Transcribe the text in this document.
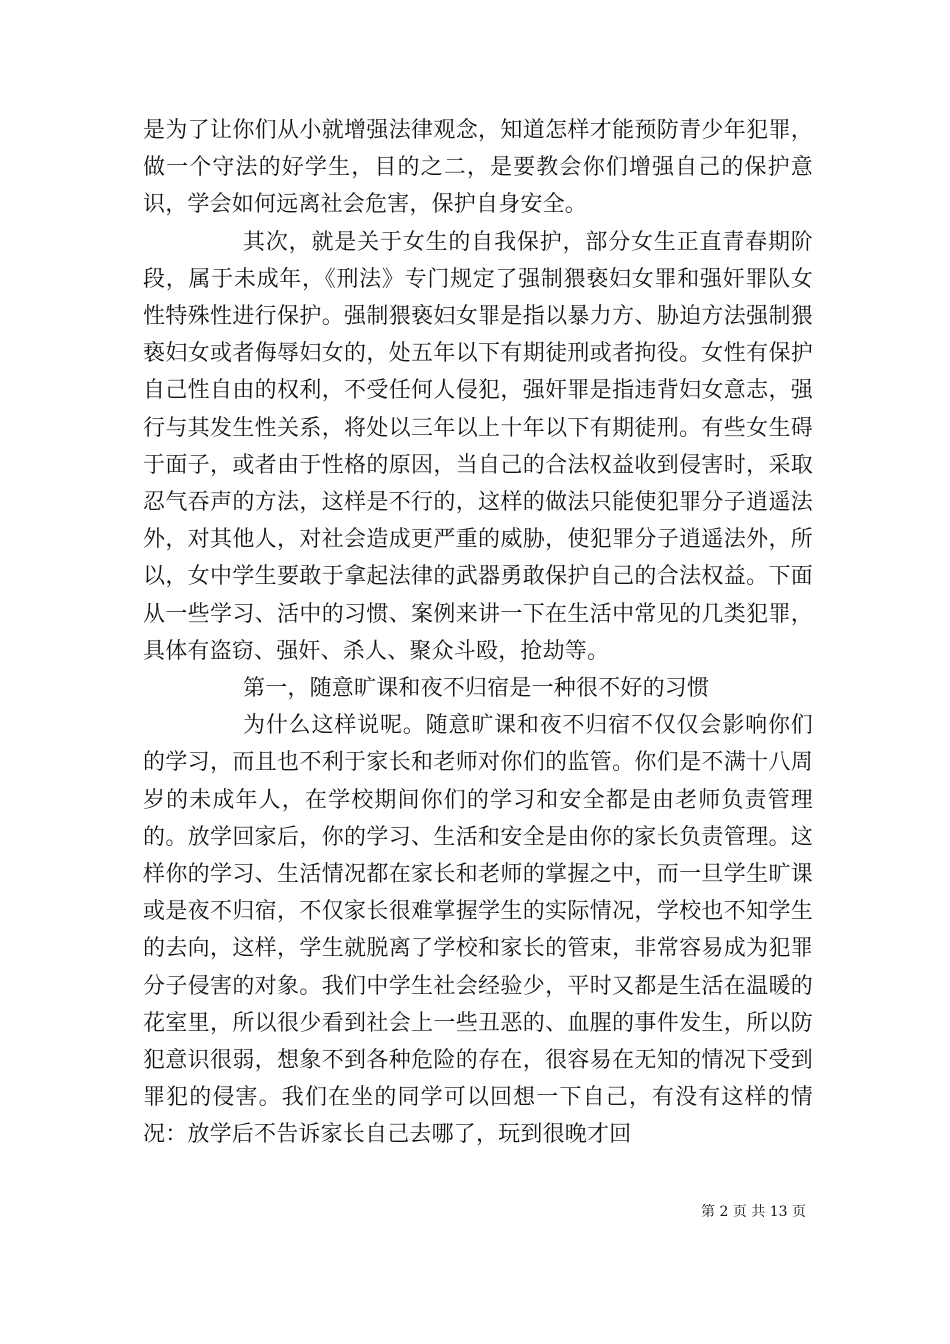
是为了让你们从小就增强法律观念，知道怎样才能预防青少年犯罪，做一个守法的好学生，目的之二，是要教会你们增强自己的保护意识，学会如何远离社会危害，保护自身安全。

其次，就是关于女生的自我保护，部分女生正直青春期阶段，属于未成年，《刑法》专门规定了强制猥亵妇女罪和强奸罪队女性特殊性进行保护。强制猥亵妇女罪是指以暴力方、胁迫方法强制猥亵妇女或者侮辱妇女的，处五年以下有期徒刑或者拘役。女性有保护自己性自由的权利，不受任何人侵犯，强奸罪是指违背妇女意志，强行与其发生性关系，将处以三年以上十年以下有期徒刑。有些女生碍于面子，或者由于性格的原因，当自己的合法权益收到侵害时，采取忍气吞声的方法，这样是不行的，这样的做法只能使犯罪分子逍遥法外，对其他人，对社会造成更严重的威胁，使犯罪分子逍遥法外，所以，女中学生要敢于拿起法律的武器勇敢保护自己的合法权益。下面从一些学习、活中的习惯、案例来讲一下在生活中常见的几类犯罪，具体有盗窃、强奸、杀人、聚众斗殴，抢劫等。

第一，随意旷课和夜不归宿是一种很不好的习惯

为什么这样说呢。随意旷课和夜不归宿不仅仅会影响你们的学习，而且也不利于家长和老师对你们的监管。你们是不满十八周岁的未成年人，在学校期间你们的学习和安全都是由老师负责管理的。放学回家后，你的学习、生活和安全是由你的家长负责管理。这样你的学习、生活情况都在家长和老师的掌握之中，而一旦学生旷课或是夜不归宿，不仅家长很难掌握学生的实际情况，学校也不知学生的去向，这样，学生就脱离了学校和家长的管束，非常容易成为犯罪分子侵害的对象。我们中学生社会经验少，平时又都是生活在温暖的花室里，所以很少看到社会上一些丑恶的、血腥的事件发生，所以防犯意识很弱，想象不到各种危险的存在，很容易在无知的情况下受到罪犯的侵害。我们在坐的同学可以回想一下自己，有没有这样的情况：放学后不告诉家长自己去哪了，玩到很晚才回

第 2 页 共 13 页
